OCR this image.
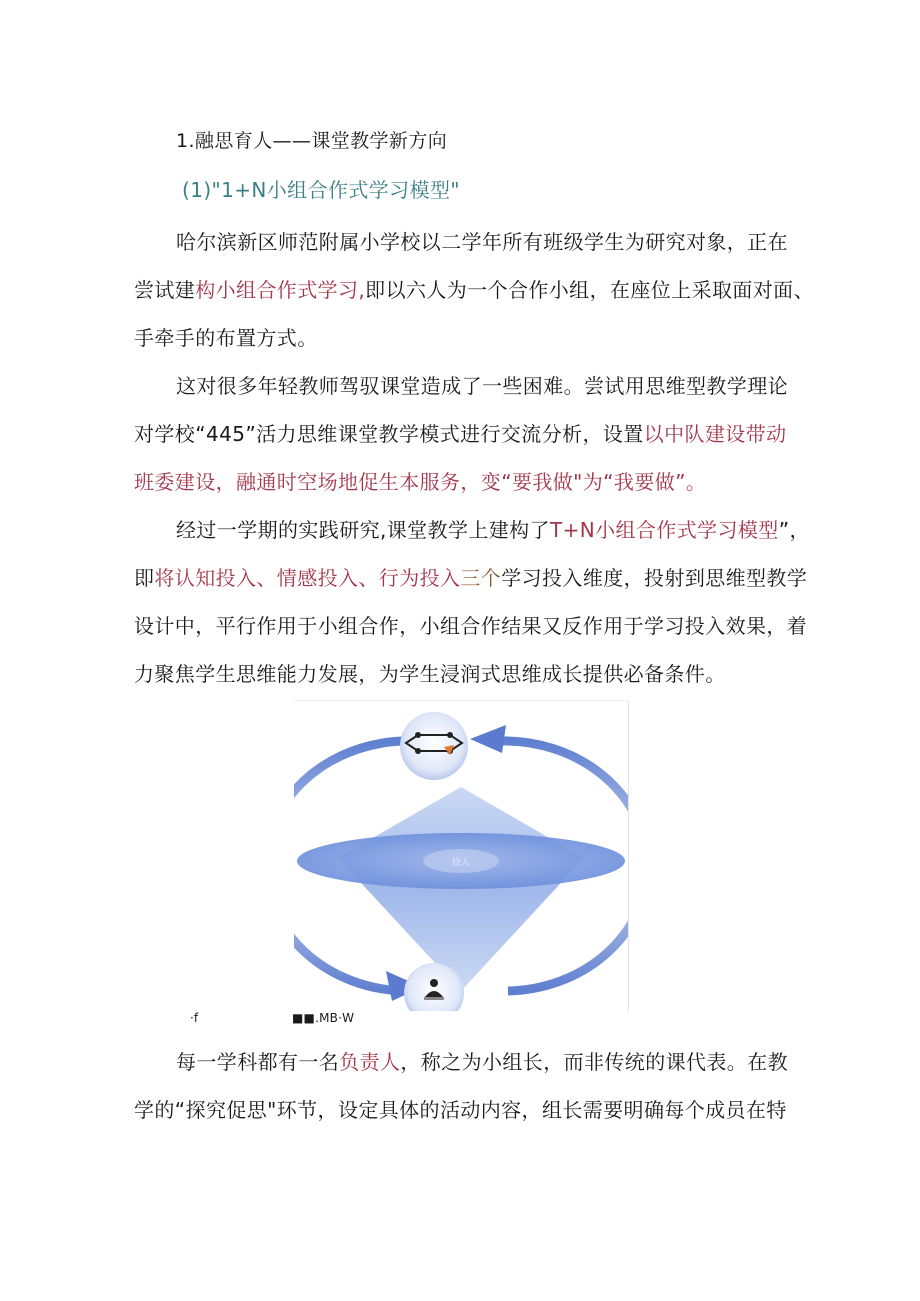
1.融思育人——课堂教学新方向
(1)"1+N小组合作式学习模型"
哈尔滨新区师范附属小学校以二学年所有班级学生为研究对象，正在
尝试建构小组合作式学习,即以六人为一个合作小组，在座位上采取面对面、
手牵手的布置方式。
这对很多年轻教师驾驭课堂造成了一些困难。尝试用思维型教学理论
对学校“445”活力思维课堂教学模式进行交流分析，设置以中队建设带动
班委建设，融通时空场地促生本服务，变“要我做"为“我要做”。
经过一学期的实践研究,课堂教学上建构了T+N小组合作式学习模型”，
即将认知投入、情感投入、行为投入三个学习投入维度，投射到思维型教学
设计中，平行作用于小组合作，小组合作结果又反作用于学习投入效果，着
力聚焦学生思维能力发展，为学生浸润式思维成长提供必备条件。
投入
·f	■■.MB·W
每一学科都有一名负责人，称之为小组长，而非传统的课代表。在教
学的“探究促思"环节，设定具体的活动内容，组长需要明确每个成员在特
